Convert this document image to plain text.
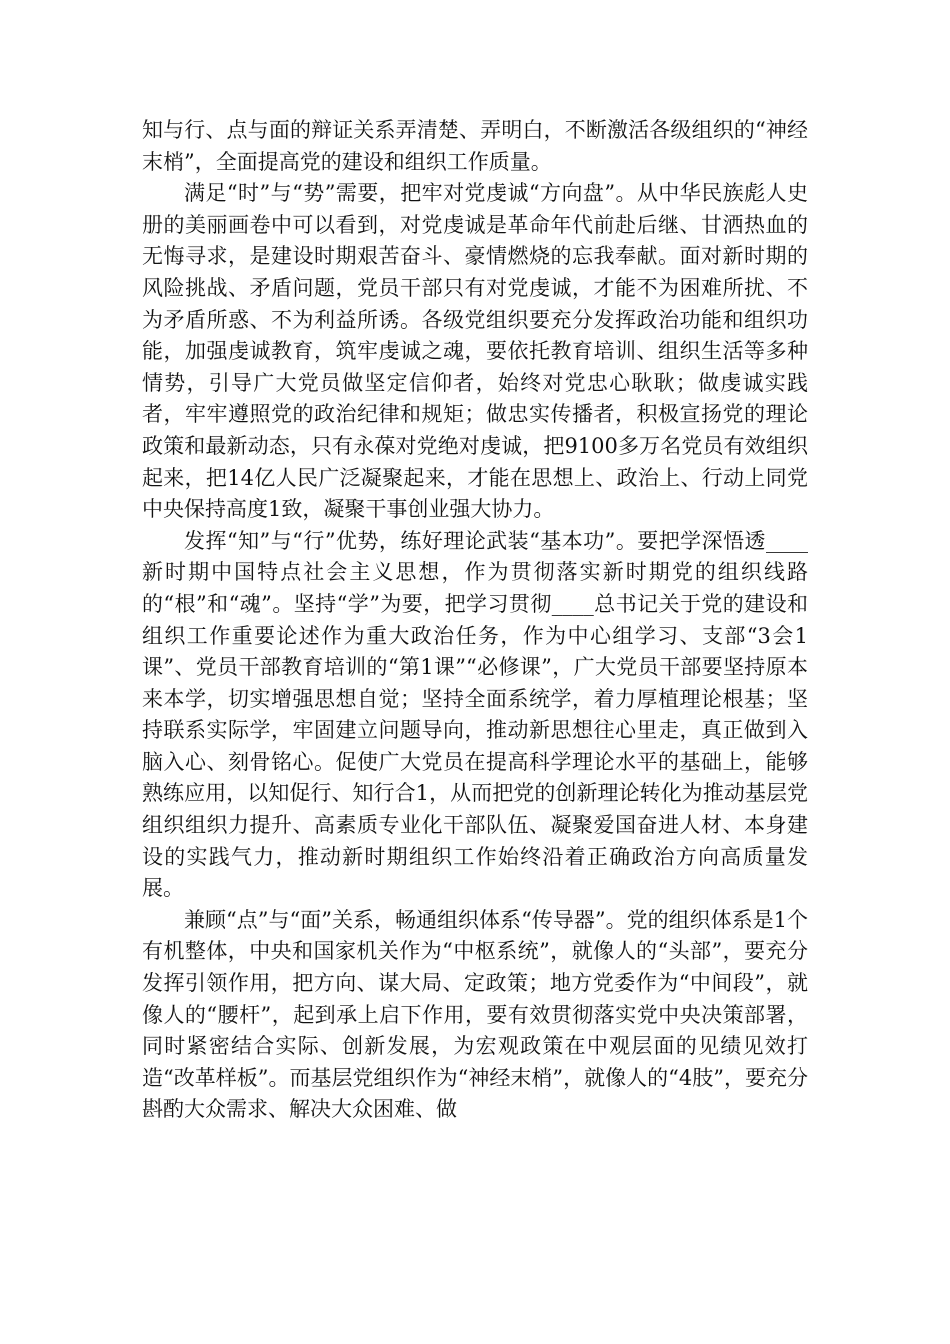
知与行、点与面的辩证关系弄清楚、弄明白，不断激活各级组织的“神经末梢”，全面提高党的建设和组织工作质量。

满足“时”与“势”需要，把牢对党虔诚“方向盘”。从中华民族彪人史册的美丽画卷中可以看到，对党虔诚是革命年代前赴后继、甘洒热血的无悔寻求，是建设时期艰苦奋斗、豪情燃烧的忘我奉献。面对新时期的风险挑战、矛盾问题，党员干部只有对党虔诚，才能不为困难所扰、不为矛盾所惑、不为利益所诱。各级党组织要充分发挥政治功能和组织功能，加强虔诚教育，筑牢虔诚之魂，要依托教育培训、组织生活等多种情势，引导广大党员做坚定信仰者，始终对党忠心耿耿；做虔诚实践者，牢牢遵照党的政治纪律和规矩；做忠实传播者，积极宣扬党的理论政策和最新动态，只有永葆对党绝对虔诚，把9100多万名党员有效组织起来，把14亿人民广泛凝聚起来，才能在思想上、政治上、行动上同党中央保持高度1致，凝聚干事创业强大协力。

发挥“知”与“行”优势，练好理论武装“基本功”。要把学深悟透____新时期中国特点社会主义思想，作为贯彻落实新时期党的组织线路的“根”和“魂”。坚持“学”为要，把学习贯彻____总书记关于党的建设和组织工作重要论述作为重大政治任务，作为中心组学习、支部“3会1课”、党员干部教育培训的“第1课”“必修课”，广大党员干部要坚持原本来本学，切实增强思想自觉；坚持全面系统学，着力厚植理论根基；坚持联系实际学，牢固建立问题导向，推动新思想往心里走，真正做到入脑入心、刻骨铭心。促使广大党员在提高科学理论水平的基础上，能够熟练应用，以知促行、知行合1，从而把党的创新理论转化为推动基层党组织组织力提升、高素质专业化干部队伍、凝聚爱国奋进人材、本身建设的实践气力，推动新时期组织工作始终沿着正确政治方向高质量发展。

兼顾“点”与“面”关系，畅通组织体系“传导器”。党的组织体系是1个有机整体，中央和国家机关作为“中枢系统”，就像人的“头部”，要充分发挥引领作用，把方向、谋大局、定政策；地方党委作为“中间段”，就像人的“腰杆”，起到承上启下作用，要有效贯彻落实党中央决策部署，同时紧密结合实际、创新发展，为宏观政策在中观层面的见绩见效打造“改革样板”。而基层党组织作为“神经末梢”，就像人的“4肢”，要充分斟酌大众需求、解决大众困难、做
